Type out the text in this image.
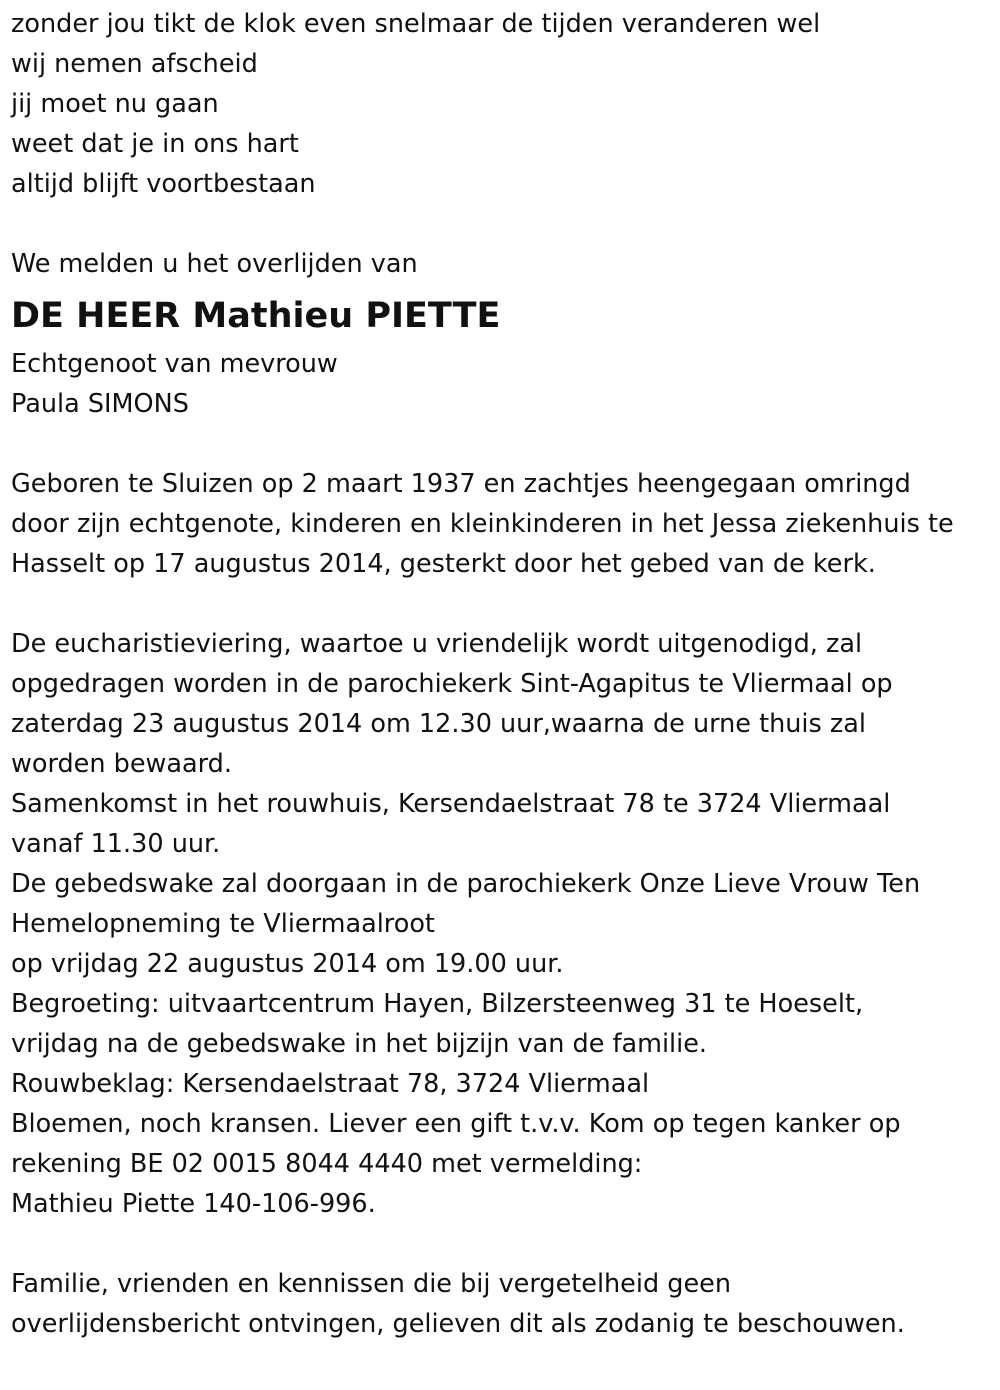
zonder jou tikt de klok even snelmaar de tijden veranderen wel
wij nemen afscheid
jij moet nu gaan
weet dat je in ons hart
altijd blijft voortbestaan
We melden u het overlijden van
DE HEER Mathieu PIETTE
Echtgenoot van mevrouw
Paula SIMONS
Geboren te Sluizen op 2 maart 1937 en zachtjes heengegaan omringd
door zijn echtgenote, kinderen en kleinkinderen in het Jessa ziekenhuis te
Hasselt op 17 augustus 2014, gesterkt door het gebed van de kerk.
De eucharistieviering, waartoe u vriendelijk wordt uitgenodigd, zal
opgedragen worden in de parochiekerk Sint-Agapitus te Vliermaal op
zaterdag 23 augustus 2014 om 12.30 uur,waarna de urne thuis zal
worden bewaard.
Samenkomst in het rouwhuis, Kersendaelstraat 78 te 3724 Vliermaal
vanaf 11.30 uur.
De gebedswake zal doorgaan in de parochiekerk Onze Lieve Vrouw Ten
Hemelopneming te Vliermaalroot
op vrijdag 22 augustus 2014 om 19.00 uur.
Begroeting: uitvaartcentrum Hayen, Bilzersteenweg 31 te Hoeselt,
vrijdag na de gebedswake in het bijzijn van de familie.
Rouwbeklag: Kersendaelstraat 78, 3724 Vliermaal
Bloemen, noch kransen. Liever een gift t.v.v. Kom op tegen kanker op
rekening BE 02 0015 8044 4440 met vermelding:
Mathieu Piette 140-106-996.
Familie, vrienden en kennissen die bij vergetelheid geen
overlijdensbericht ontvingen, gelieven dit als zodanig te beschouwen.
